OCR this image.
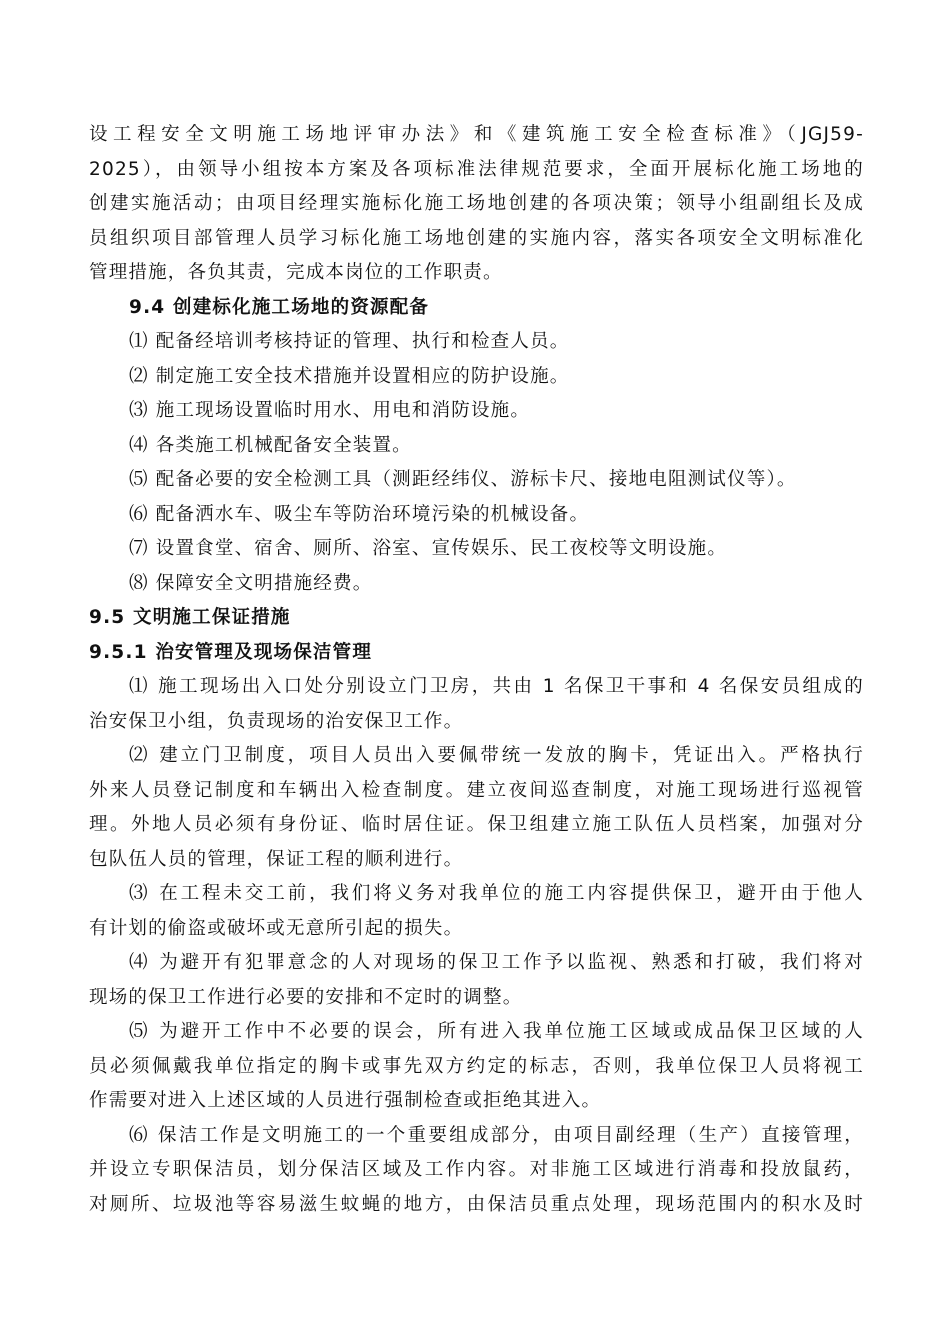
设工程安全文明施工场地评审办法》和《建筑施工安全检查标准》（JGJ59-
2025），由领导小组按本方案及各项标准法律规范要求，全面开展标化施工场地的
创建实施活动；由项目经理实施标化施工场地创建的各项决策；领导小组副组长及成
员组织项目部管理人员学习标化施工场地创建的实施内容，落实各项安全文明标准化
管理措施，各负其责，完成本岗位的工作职责。
9.4 创建标化施工场地的资源配备
⑴ 配备经培训考核持证的管理、执行和检查人员。
⑵ 制定施工安全技术措施并设置相应的防护设施。
⑶ 施工现场设置临时用水、用电和消防设施。
⑷ 各类施工机械配备安全装置。
⑸ 配备必要的安全检测工具（测距经纬仪、游标卡尺、接地电阻测试仪等）。
⑹ 配备洒水车、吸尘车等防治环境污染的机械设备。
⑺ 设置食堂、宿舍、厕所、浴室、宣传娱乐、民工夜校等文明设施。
⑻ 保障安全文明措施经费。
9.5 文明施工保证措施
9.5.1 治安管理及现场保洁管理
⑴ 施工现场出入口处分别设立门卫房，共由 1 名保卫干事和 4 名保安员组成的
治安保卫小组，负责现场的治安保卫工作。
⑵ 建立门卫制度，项目人员出入要佩带统一发放的胸卡，凭证出入。严格执行
外来人员登记制度和车辆出入检查制度。建立夜间巡查制度，对施工现场进行巡视管
理。外地人员必须有身份证、临时居住证。保卫组建立施工队伍人员档案，加强对分
包队伍人员的管理，保证工程的顺利进行。
⑶ 在工程未交工前，我们将义务对我单位的施工内容提供保卫，避开由于他人
有计划的偷盗或破坏或无意所引起的损失。
⑷ 为避开有犯罪意念的人对现场的保卫工作予以监视、熟悉和打破，我们将对
现场的保卫工作进行必要的安排和不定时的调整。
⑸ 为避开工作中不必要的误会，所有进入我单位施工区域或成品保卫区域的人
员必须佩戴我单位指定的胸卡或事先双方约定的标志，否则，我单位保卫人员将视工
作需要对进入上述区域的人员进行强制检查或拒绝其进入。
⑹ 保洁工作是文明施工的一个重要组成部分，由项目副经理（生产）直接管理，
并设立专职保洁员，划分保洁区域及工作内容。对非施工区域进行消毒和投放鼠药，
对厕所、垃圾池等容易滋生蚊蝇的地方，由保洁员重点处理，现场范围内的积水及时
